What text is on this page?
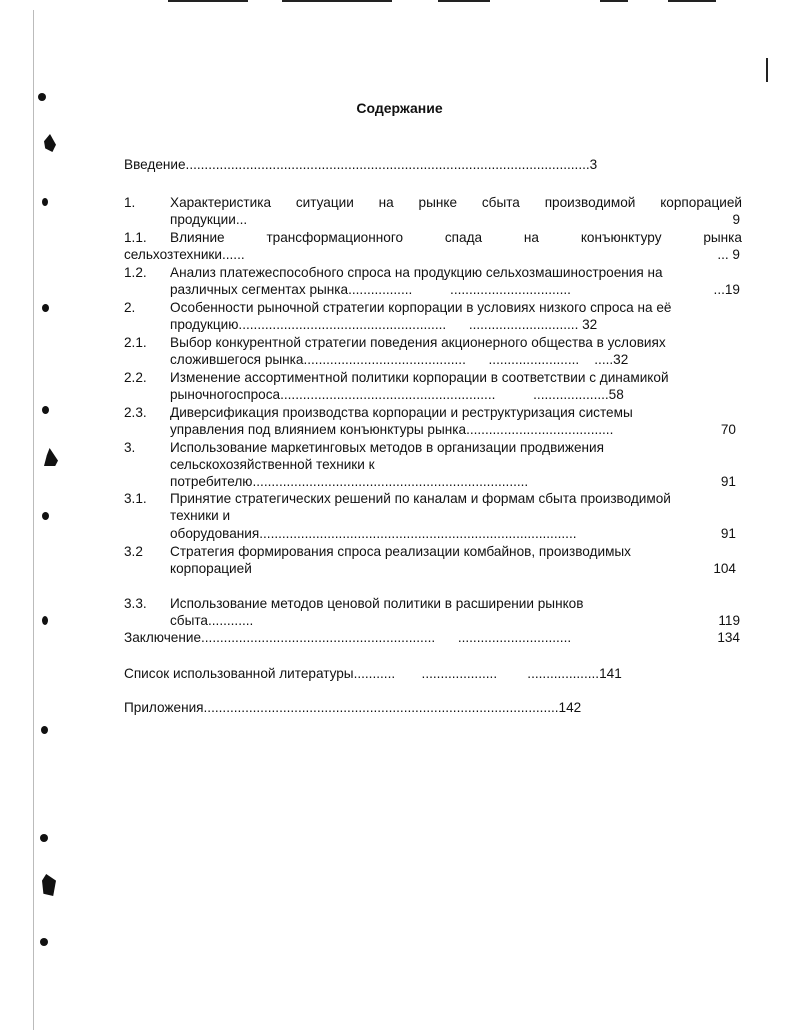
Содержание
Введение...........................................................................................................3
1.	Характеристика ситуации на рынке сбыта производимой корпорацией
продукции...	9
1.1. Влияние трансформационного спада на конъюнктуру рынка
сельхозтехники......	... 9
1.2. Анализ платежеспособного спроса на продукцию сельхозмашиностроения на
различных сегментах рынка.................          ................................	...19
2.	Особенности рыночной стратегии корпорации в условиях низкого спроса на её
продукцию.......................................................      ............................. 32
2.1. Выбор конкурентной стратегии поведения акционерного общества в условиях
сложившегося рынка...........................................      ........................    .....32
2.2. Изменение ассортиментной политики корпорации в соответствии с динамикой
рыночногоспроса.........................................................          ....................58
2.3. Диверсификация производства корпорации и реструктуризация системы
управления под влиянием конъюнктуры рынка.......................................	70
3.	Использование маркетинговых методов в организации продвижения
сельскохозяйственной техники к
потребителю.........................................................................	91
3.1. Принятие стратегических решений по каналам и формам сбыта производимой
техники и
оборудования....................................................................................	91
3.2 Стратегия формирования спроса реализации комбайнов, производимых
корпорацией	104
3.3. Использование методов ценовой политики в расширении рынков
сбыта............	119
Заключение..............................................................      ..............................	134
Список использованной литературы...........       ....................        ...................141
Приложения..............................................................................................142
